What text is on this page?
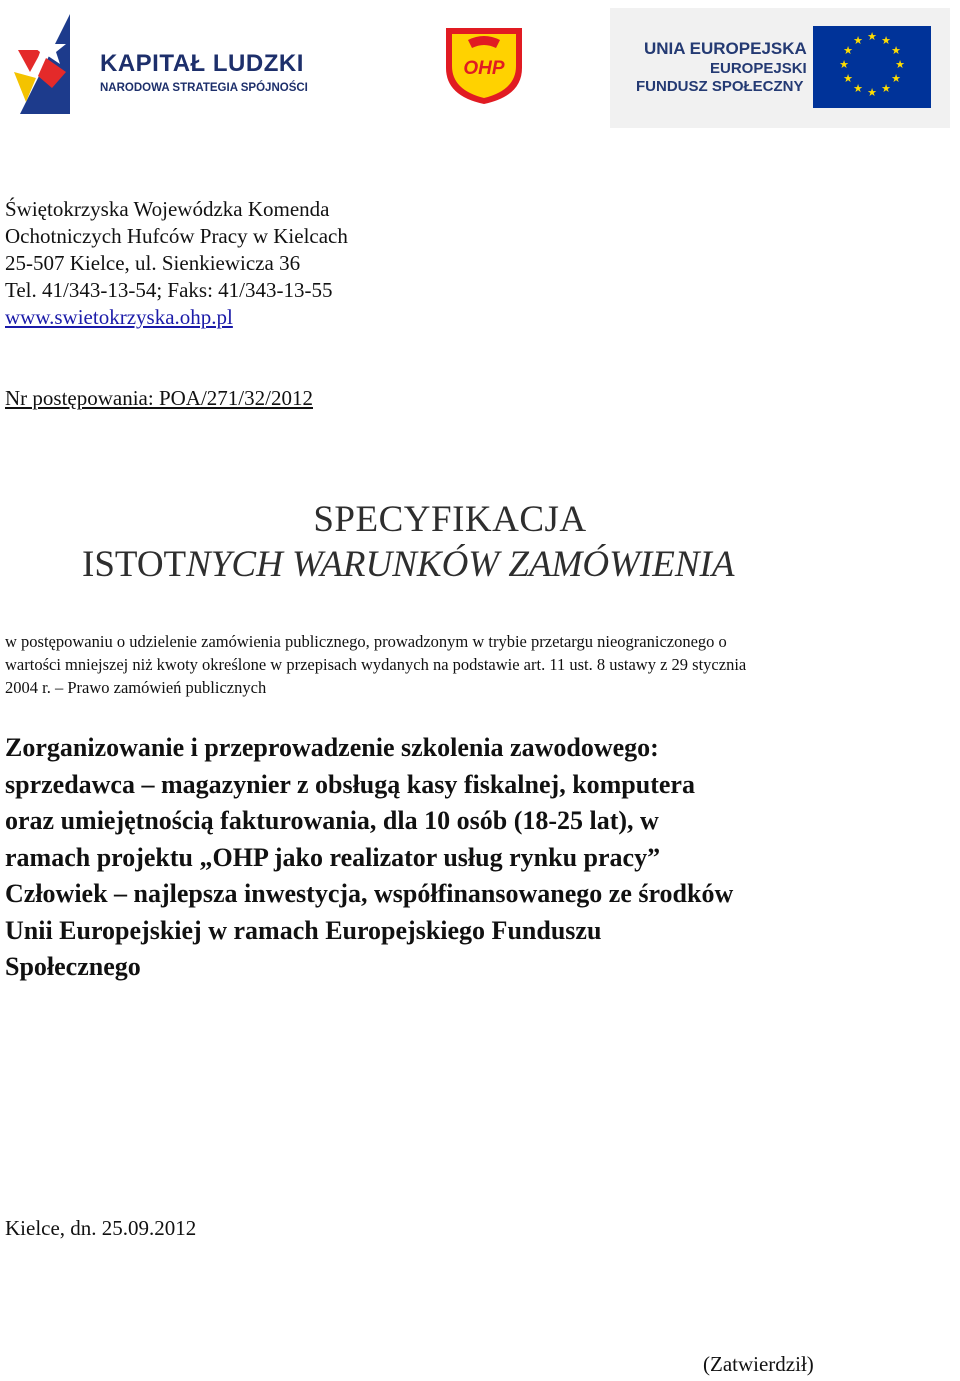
KAPITAŁ LUDZKI
NARODOWA STRATEGIA SPÓJNOŚCI
OHP
UNIA EUROPEJSKA
EUROPEJSKI
FUNDUSZ SPOŁECZNY
★ ★
★
★
★
★
★
★
★
★
★
★
Świętokrzyska Wojewódzka Komenda
Ochotniczych Hufców Pracy w Kielcach
25-507 Kielce, ul. Sienkiewicza 36
Tel. 41/343-13-54; Faks: 41/343-13-55
www.swietokrzyska.ohp.pl
Nr postępowania: POA/271/32/2012
SPECYFIKACJA
ISTOTNYCH WARUNKÓW ZAMÓWIENIA
w postępowaniu o udzielenie zamówienia publicznego, prowadzonym w trybie przetargu nieograniczonego o
wartości mniejszej niż kwoty określone w przepisach wydanych na podstawie art. 11 ust. 8 ustawy z 29 stycznia
2004 r. – Prawo zamówień publicznych
Zorganizowanie i przeprowadzenie szkolenia zawodowego:
sprzedawca – magazynier z obsługą kasy fiskalnej, komputera
oraz umiejętnością fakturowania, dla 10 osób (18-25 lat), w
ramach projektu „OHP jako realizator usług rynku pracy”
Człowiek – najlepsza inwestycja, współfinansowanego ze środków
Unii Europejskiej w ramach Europejskiego Funduszu
Społecznego
Kielce, dn. 25.09.2012
(Zatwierdził)
